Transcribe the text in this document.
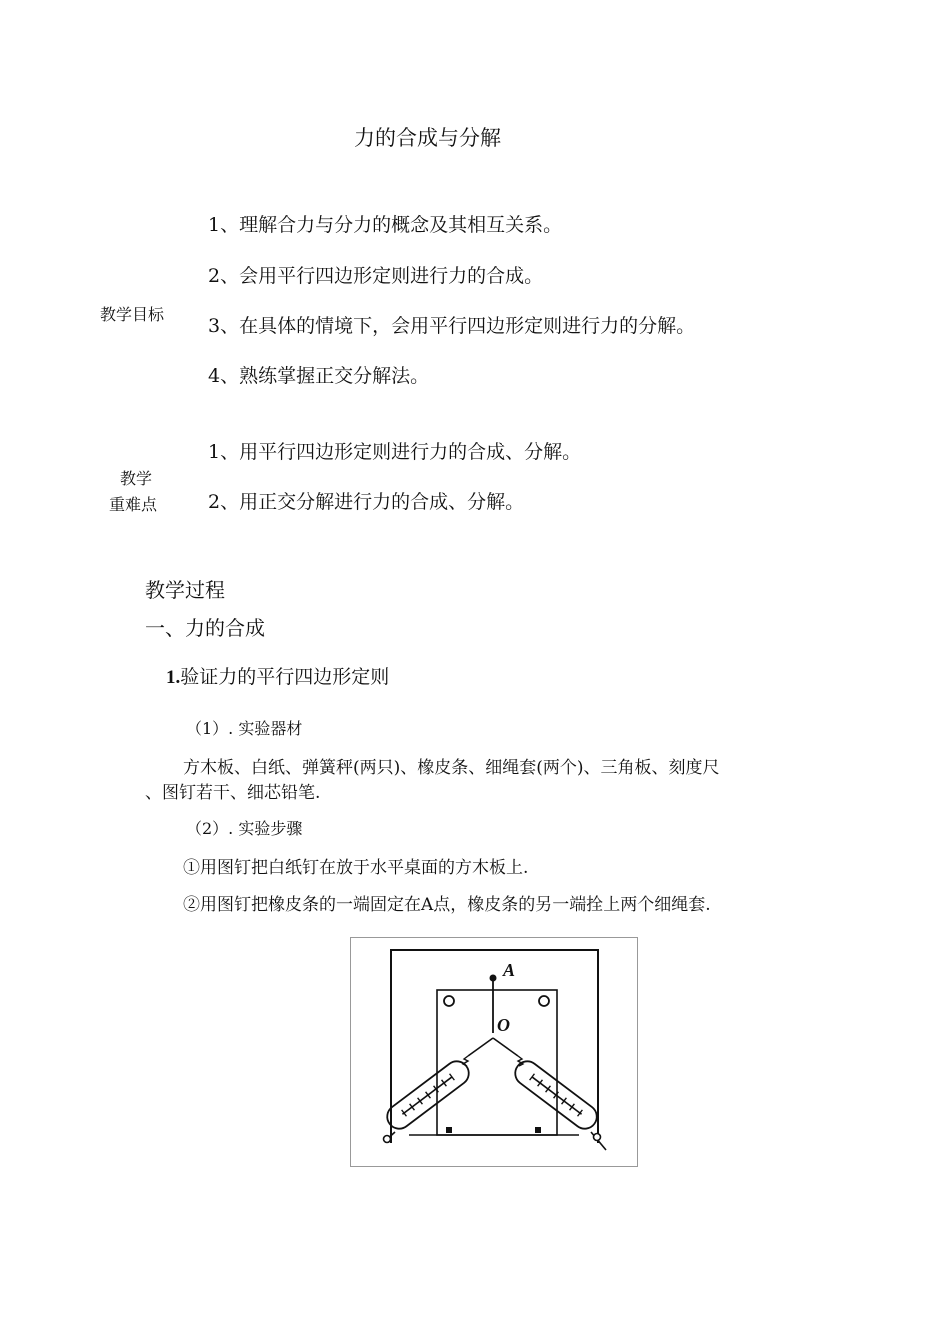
力的合成与分解
教学目标
1、理解合力与分力的概念及其相互关系。
2、会用平行四边形定则进行力的合成。
3、在具体的情境下，会用平行四边形定则进行力的分解。
4、熟练掌握正交分解法。
教学
重难点
1、用平行四边形定则进行力的合成、分解。
2、用正交分解进行力的合成、分解。
教学过程
一、力的合成
1.验证力的平行四边形定则
（1）. 实验器材
方木板、白纸、弹簧秤(两只)、橡皮条、细绳套(两个)、三角板、刻度尺
、图钉若干、细芯铅笔.
（2）. 实验步骤
①用图钉把白纸钉在放于水平桌面的方木板上.
②用图钉把橡皮条的一端固定在A点，橡皮条的另一端拴上两个细绳套.
A
O
